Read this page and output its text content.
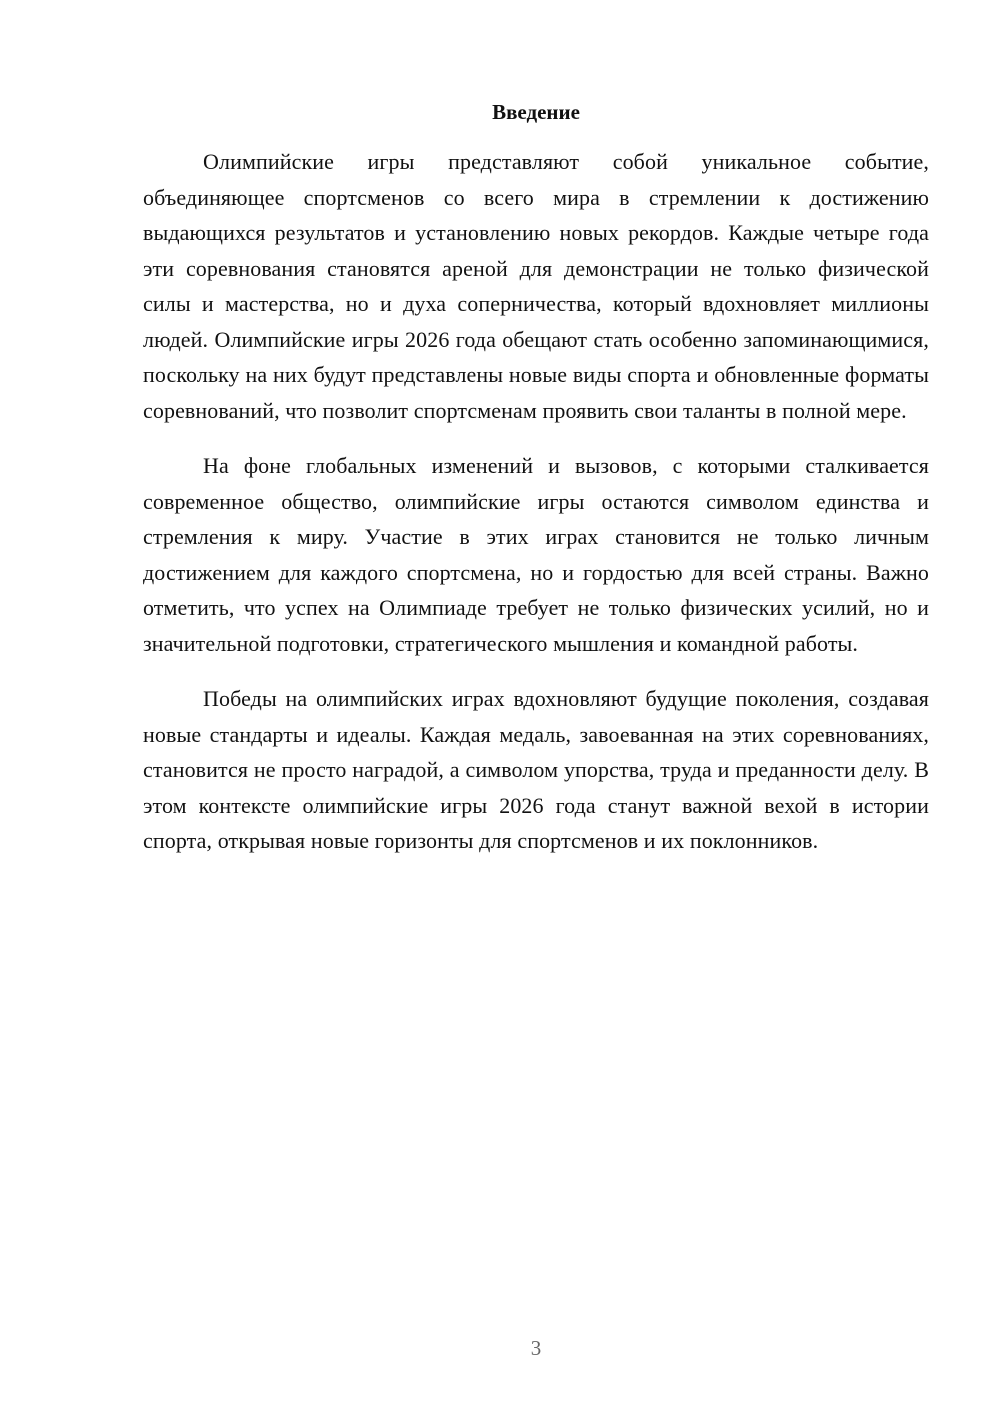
Введение

Олимпийские игры представляют собой уникальное событие, объединяющее спортсменов со всего мира в стремлении к достижению выдающихся результатов и установлению новых рекордов. Каждые четыре года эти соревнования становятся ареной для демонстрации не только физической силы и мастерства, но и духа соперничества, который вдохновляет миллионы людей. Олимпийские игры 2026 года обещают стать особенно запоминающимися, поскольку на них будут представлены новые виды спорта и обновленные форматы соревнований, что позволит спортсменам проявить свои таланты в полной мере.

На фоне глобальных изменений и вызовов, с которыми сталкивается современное общество, олимпийские игры остаются символом единства и стремления к миру. Участие в этих играх становится не только личным достижением для каждого спортсмена, но и гордостью для всей страны. Важно отметить, что успех на Олимпиаде требует не только физических усилий, но и значительной подготовки, стратегического мышления и командной работы.

Победы на олимпийских играх вдохновляют будущие поколения, создавая новые стандарты и идеалы. Каждая медаль, завоеванная на этих соревнованиях, становится не просто наградой, а символом упорства, труда и преданности делу. В этом контексте олимпийские игры 2026 года станут важной вехой в истории спорта, открывая новые горизонты для спортсменов и их поклонников.

3
